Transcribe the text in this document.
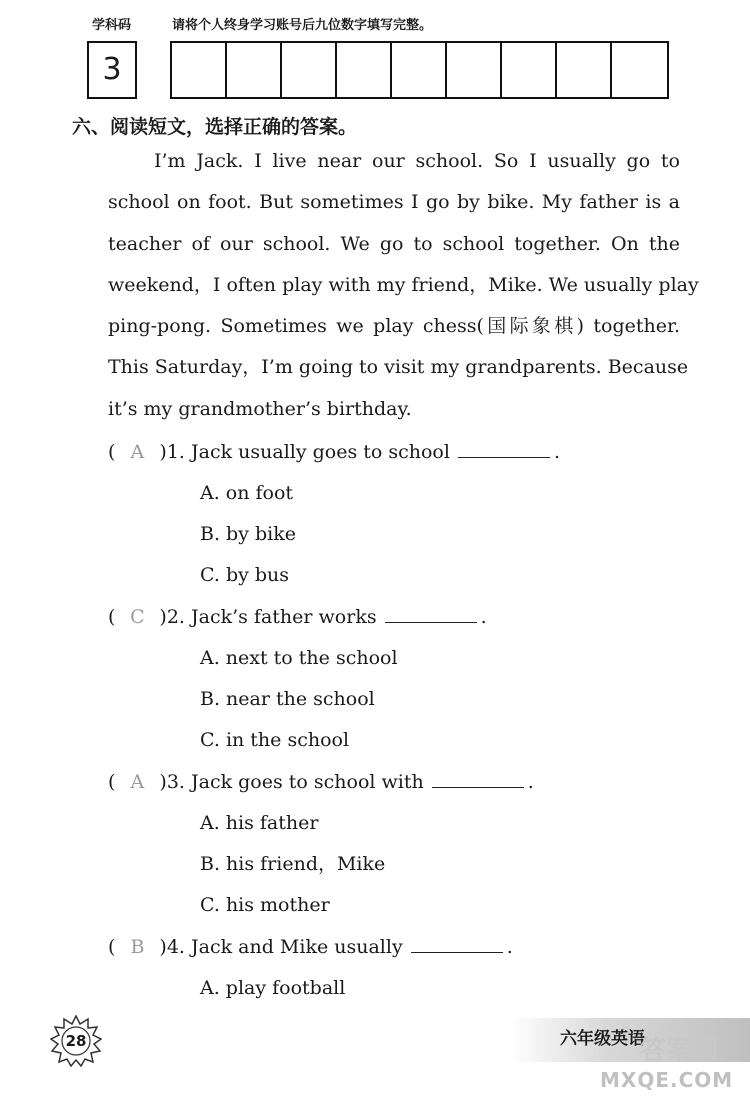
学科码	请将个人终身学习账号后九位数字填写完整。
3
六、阅读短文，选择正确的答案。
I’m Jack. I live near our school. So I usually go to
school on foot. But sometimes I go by bike. My father is a
teacher of our school. We go to school together. On the
weekend，I often play with my friend，Mike. We usually play
ping-pong. Sometimes we play chess(国际象棋) together.
This Saturday，I’m going to visit my grandparents. Because
it’s my grandmother’s birthday.
( A )1. Jack usually goes to school	.
A. on foot
B. by bike
C. by bus
( C )2. Jack’s father works	.
A. next to the school
B. near the school
C. in the school
( A )3. Jack goes to school with	.
A. his father
B. his friend，Mike
C. his mother
( B )4. Jack and Mike usually	.
A. play football
28	六年级英语
答案圈
MXQE.COM
